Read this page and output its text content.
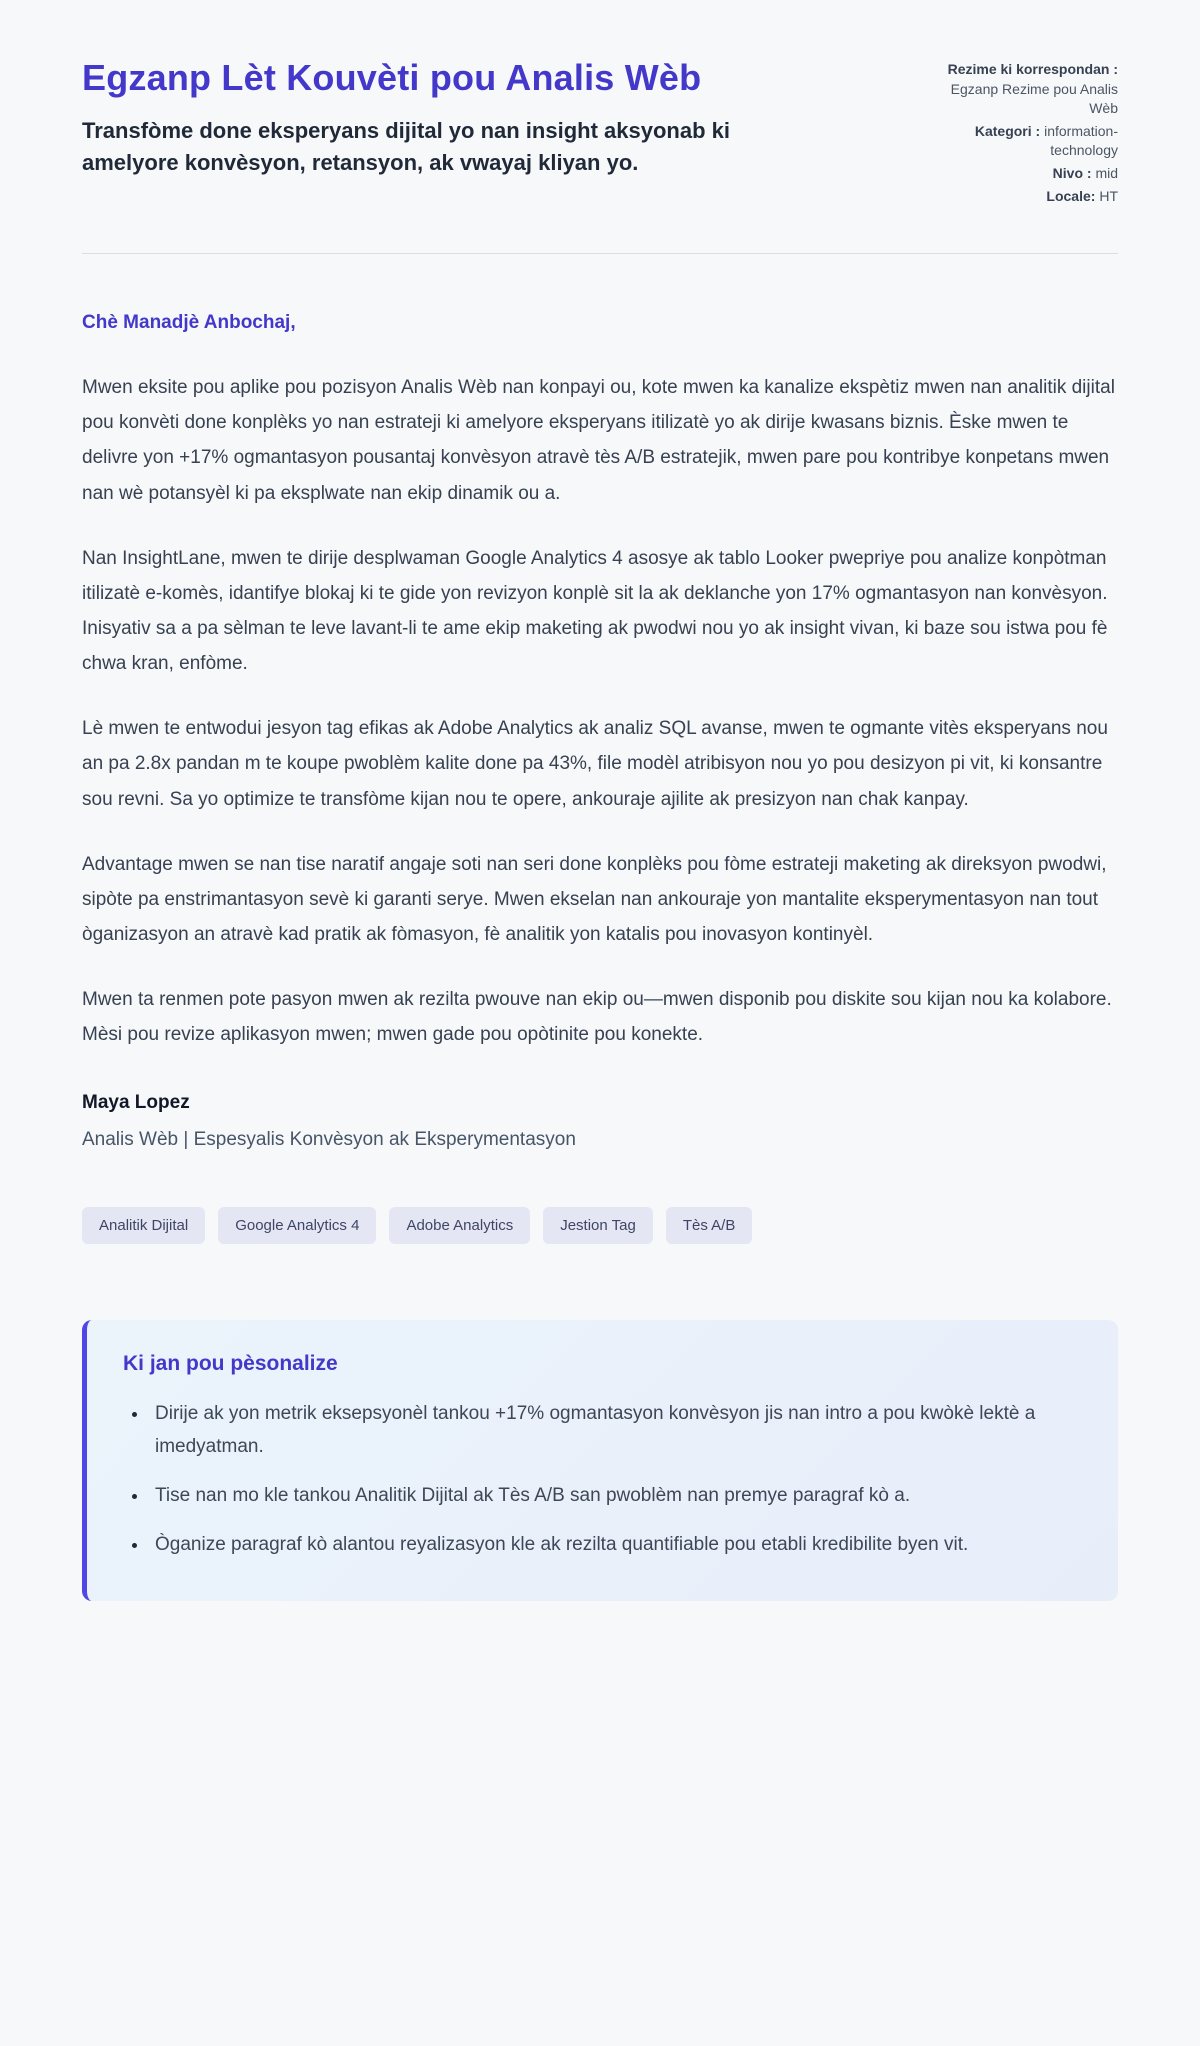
Egzanp Lèt Kouvèti pou Analis Wèb

Transfòme done eksperyans dijital yo nan insight aksyonab ki amelyore konvèsyon, retansyon, ak vwayaj kliyan yo.

Rezime ki korrespondan : Egzanp Rezime pou Analis Wèb

Kategori : information-technology

Nivo : mid

Locale: HT

Chè Manadjè Anbochaj,

Mwen eksite pou aplike pou pozisyon Analis Wèb nan konpayi ou, kote mwen ka kanalize ekspètiz mwen nan analitik dijital pou konvèti done konplèks yo nan estrateji ki amelyore eksperyans itilizatè yo ak dirije kwasans biznis. Èske mwen te delivre yon +17% ogmantasyon pousantaj konvèsyon atravè tès A/B estratejik, mwen pare pou kontribye konpetans mwen nan wè potansyèl ki pa eksplwate nan ekip dinamik ou a.

Nan InsightLane, mwen te dirije desplwaman Google Analytics 4 asosye ak tablo Looker pwepriye pou analize konpòtman itilizatè e-komès, idantifye blokaj ki te gide yon revizyon konplè sit la ak deklanche yon 17% ogmantasyon nan konvèsyon. Inisyativ sa a pa sèlman te leve lavant-li te ame ekip maketing ak pwodwi nou yo ak insight vivan, ki baze sou istwa pou fè chwa kran, enfòme.

Lè mwen te entwodui jesyon tag efikas ak Adobe Analytics ak analiz SQL avanse, mwen te ogmante vitès eksperyans nou an pa 2.8x pandan m te koupe pwoblèm kalite done pa 43%, file modèl atribisyon nou yo pou desizyon pi vit, ki konsantre sou revni. Sa yo optimize te transfòme kijan nou te opere, ankouraje ajilite ak presizyon nan chak kanpay.

Advantage mwen se nan tise naratif angaje soti nan seri done konplèks pou fòme estrateji maketing ak direksyon pwodwi, sipòte pa enstrimantasyon sevè ki garanti serye. Mwen ekselan nan ankouraje yon mantalite eksperymentasyon nan tout òganizasyon an atravè kad pratik ak fòmasyon, fè analitik yon katalis pou inovasyon kontinyèl.

Mwen ta renmen pote pasyon mwen ak rezilta pwouve nan ekip ou—mwen disponib pou diskite sou kijan nou ka kolabore. Mèsi pou revize aplikasyon mwen; mwen gade pou opòtinite pou konekte.

Maya Lopez

Analis Wèb | Espesyalis Konvèsyon ak Eksperymentasyon

Analitik Dijital	Google Analytics 4	Adobe Analytics	Jestion Tag	Tès A/B
Ki jan pou pèsonalize
• Dirije ak yon metrik eksepsyonèl tankou +17% ogmantasyon konvèsyon jis nan intro a pou kwòkè lektè a imedyatman.
• Tise nan mo kle tankou Analitik Dijital ak Tès A/B san pwoblèm nan premye paragraf kò a.
• Òganize paragraf kò alantou reyalizasyon kle ak rezilta quantifiable pou etabli kredibilite byen vit.
